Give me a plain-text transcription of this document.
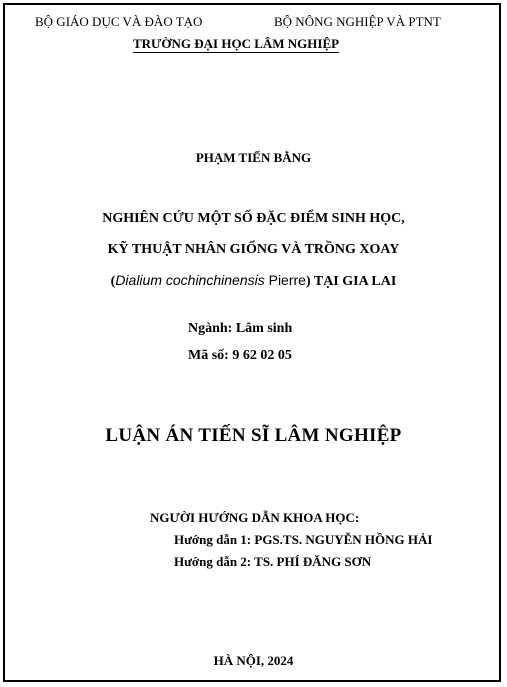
BỘ GIÁO DỤC VÀ ĐÀO TẠO	BỘ NÔNG NGHIỆP VÀ PTNT
TRƯỜNG ĐẠI HỌC LÂM NGHIỆP
PHẠM TIẾN BẰNG
NGHIÊN CỨU MỘT SỐ ĐẶC ĐIỂM SINH HỌC,
KỸ THUẬT NHÂN GIỐNG VÀ TRỒNG XOAY
(Dialium cochinchinensis Pierre) TẠI GIA LAI
Ngành: Lâm sinh
Mã số: 9 62 02 05
LUẬN ÁN TIẾN SĨ LÂM NGHIỆP
NGƯỜI HƯỚNG DẪN KHOA HỌC:
Hướng dẫn 1: PGS.TS. NGUYỄN HỒNG HẢI
Hướng dẫn 2: TS. PHÍ ĐĂNG SƠN
HÀ NỘI, 2024
